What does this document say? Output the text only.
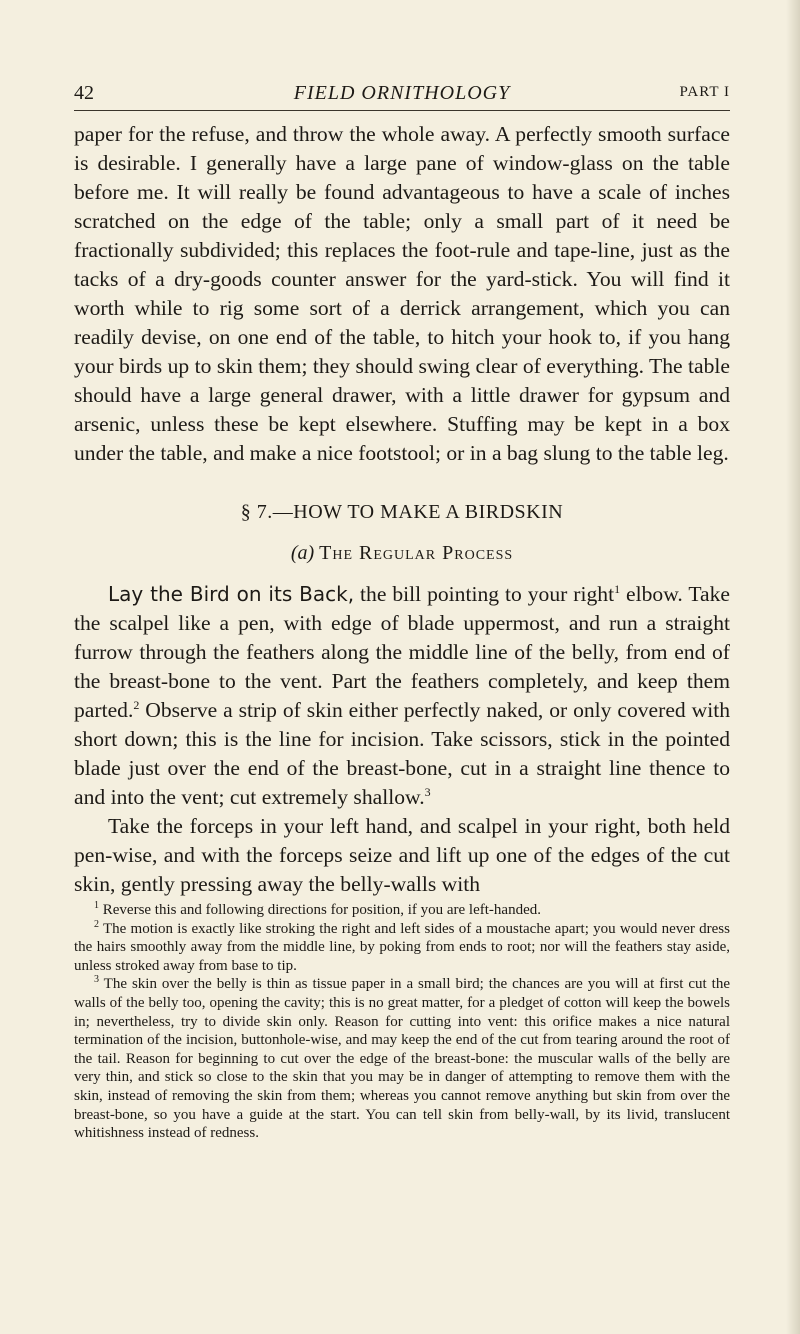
42	FIELD ORNITHOLOGY	PART I

paper for the refuse, and throw the whole away. A perfectly smooth surface is desirable. I generally have a large pane of window-glass on the table before me. It will really be found advantageous to have a scale of inches scratched on the edge of the table; only a small part of it need be fractionally subdivided; this replaces the foot-rule and tape-line, just as the tacks of a dry-goods counter answer for the yard-stick. You will find it worth while to rig some sort of a derrick arrangement, which you can readily devise, on one end of the table, to hitch your hook to, if you hang your birds up to skin them; they should swing clear of everything. The table should have a large general drawer, with a little drawer for gypsum and arsenic, unless these be kept elsewhere. Stuffing may be kept in a box under the table, and make a nice footstool; or in a bag slung to the table leg.

§ 7.—HOW TO MAKE A BIRDSKIN

(a) The Regular Process

Lay the Bird on its Back, the bill pointing to your right$^1$ elbow. Take the scalpel like a pen, with edge of blade uppermost, and run a straight furrow through the feathers along the middle line of the belly, from end of the breast-bone to the vent. Part the feathers completely, and keep them parted.$^2$ Observe a strip of skin either perfectly naked, or only covered with short down; this is the line for incision. Take scissors, stick in the pointed blade just over the end of the breast-bone, cut in a straight line thence to and into the vent; cut extremely shallow.$^3$

Take the forceps in your left hand, and scalpel in your right, both held pen-wise, and with the forceps seize and lift up one of the edges of the cut skin, gently pressing away the belly-walls with

$^1$ Reverse this and following directions for position, if you are left-handed.

$^2$ The motion is exactly like stroking the right and left sides of a moustache apart; you would never dress the hairs smoothly away from the middle line, by poking from ends to root; nor will the feathers stay aside, unless stroked away from base to tip.

$^3$ The skin over the belly is thin as tissue paper in a small bird; the chances are you will at first cut the walls of the belly too, opening the cavity; this is no great matter, for a pledget of cotton will keep the bowels in; nevertheless, try to divide skin only. Reason for cutting into vent: this orifice makes a nice natural termination of the incision, buttonhole-wise, and may keep the end of the cut from tearing around the root of the tail. Reason for beginning to cut over the edge of the breast-bone: the muscular walls of the belly are very thin, and stick so close to the skin that you may be in danger of attempting to remove them with the skin, instead of removing the skin from them; whereas you cannot remove anything but skin from over the breast-bone, so you have a guide at the start. You can tell skin from belly-wall, by its livid, translucent whitishness instead of redness.
